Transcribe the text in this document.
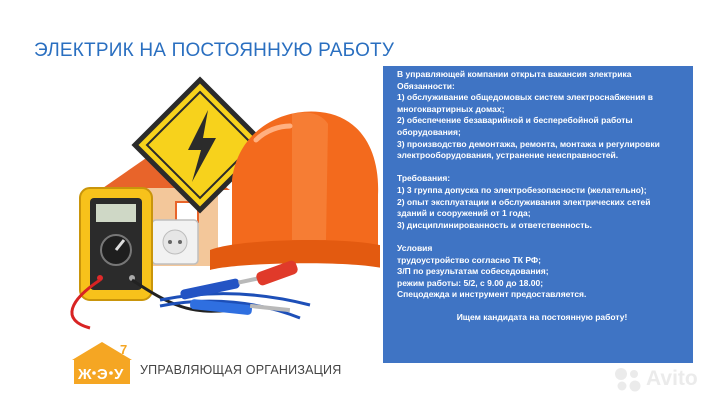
ЭЛЕКТРИК НА ПОСТОЯННУЮ РАБОТУ
В управляющей компании открыта вакансия электрика
Обязанности:
1) обслуживание общедомовых систем электроснабжения в
многоквартирных домах;
2) обеспечение безаварийной и бесперебойной работы
оборудования;
3) производство демонтажа, ремонта, монтажа и регулировки
электрооборудования, устранение неисправностей.
Требования:
1) 3 группа допуска по электробезопасности (желательно);
2) опыт эксплуатации и обслуживания электрических сетей
зданий и сооружений от 1 года;
3) дисциплинированность и ответственность.
Условия
трудоустройство согласно ТК РФ;
З/П по результатам собеседования;
режим работы: 5/2, с 9.00 до 18.00;
Спецодежда и инструмент предоставляется.
Ищем кандидата на постоянную работу!
Ж Э У
7
УПРАВЛЯЮЩАЯ ОРГАНИЗАЦИЯ	Avito
